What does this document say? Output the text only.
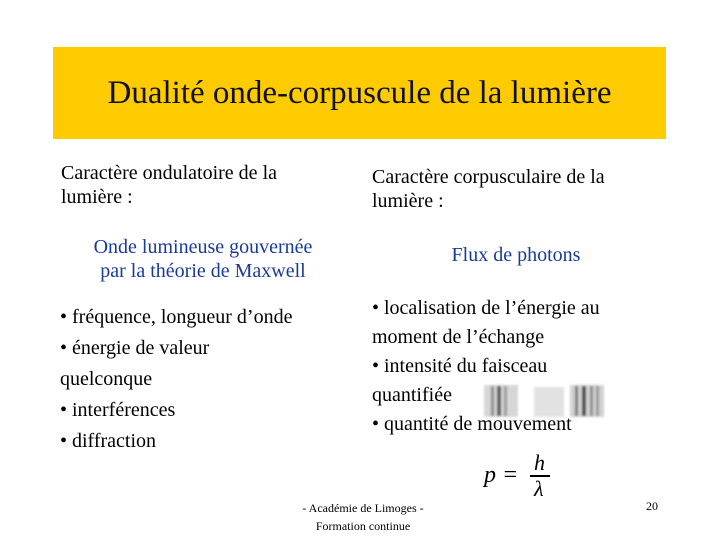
Dualité onde-corpuscule de la lumière
Caractère ondulatoire de la
lumière :
Onde lumineuse gouvernée
par la théorie de Maxwell
• fréquence, longueur d’onde
• énergie de valeur
quelconque
• interférences
• diffraction
Caractère corpusculaire de la
lumière :
Flux de photons
• localisation de l’énergie au
moment de l’échange
• intensité du faisceau
quantifiée
• quantité de mouvement
p = h
λ
- Académie de Limoges -
Formation continue
20
